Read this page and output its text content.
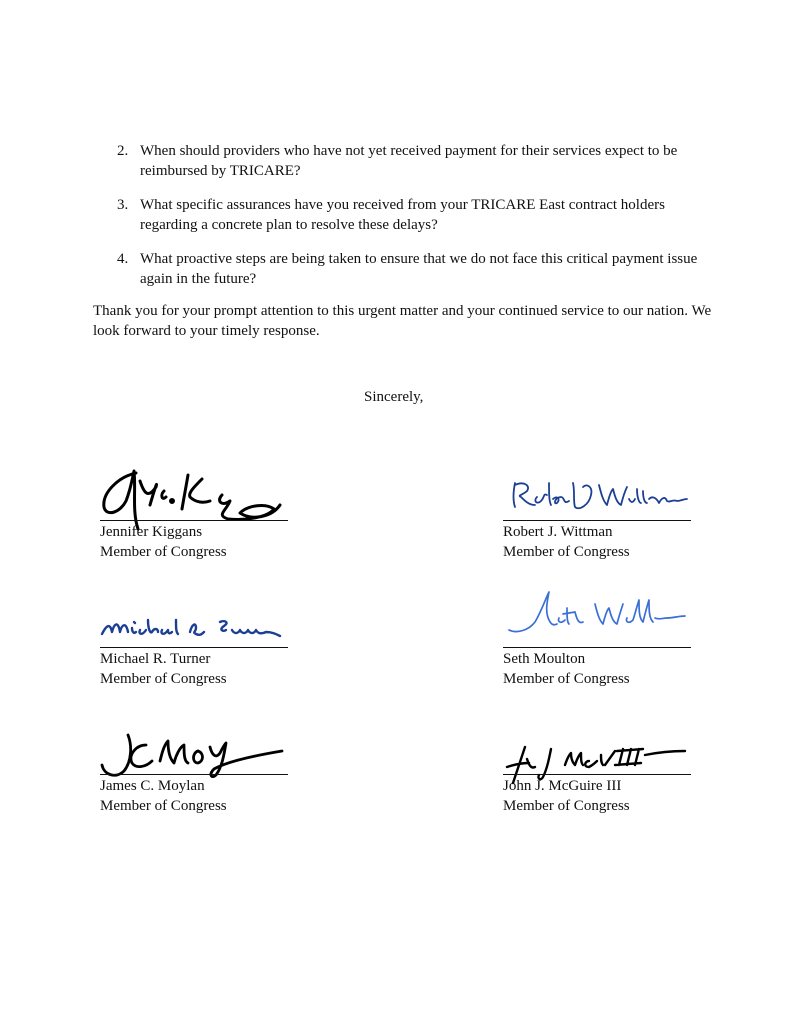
2. When should providers who have not yet received payment for their services expect to be reimbursed by TRICARE?
3. What specific assurances have you received from your TRICARE East contract holders regarding a concrete plan to resolve these delays?
4. What proactive steps are being taken to ensure that we do not face this critical payment issue again in the future?
Thank you for your prompt attention to this urgent matter and your continued service to our nation. We look forward to your timely response.
Sincerely,
Jennifer Kiggans
Member of Congress
Robert J. Wittman
Member of Congress
Michael R. Turner
Member of Congress
Seth Moulton
Member of Congress
James C. Moylan
Member of Congress
John J. McGuire III
Member of Congress
